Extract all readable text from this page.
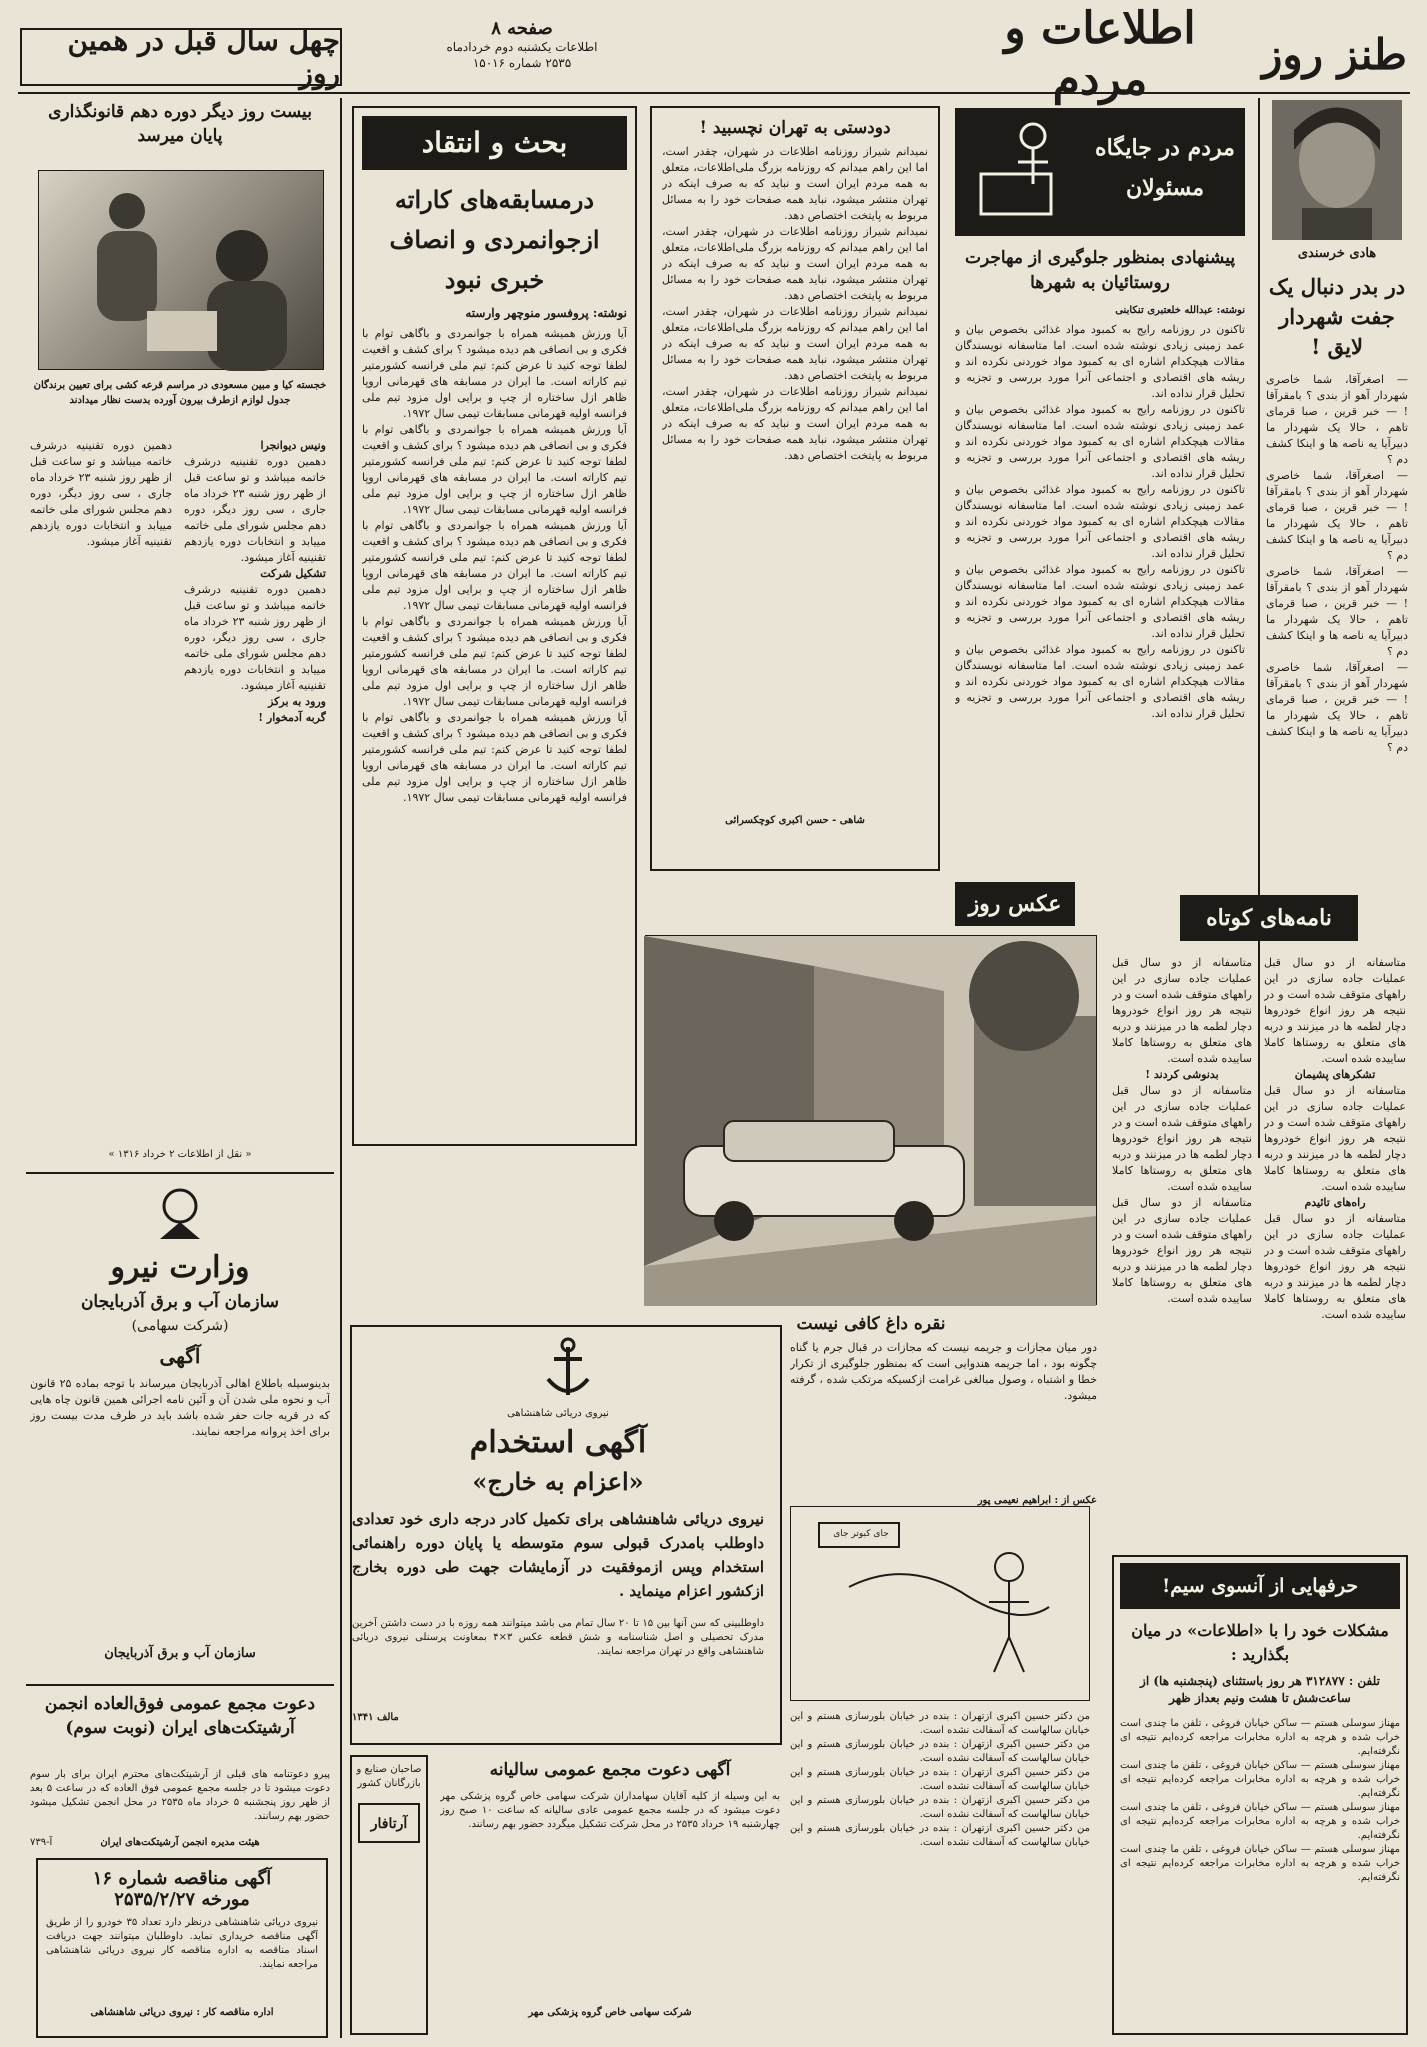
چهل سال قبل در همین روز
صفحه ۸
اطلاعات یکشنبه دوم خردادماه
۲۵۳۵ شماره ۱۵۰۱۶
اطلاعات و مردم	طنز روز
بیست روز دیگر دوره دهم قانونگذاری پایان میرسد
خجسته کیا و مبین مسعودی در مراسم قرعه کشی برای تعیین برندگان جدول لوازم ازطرف بیرون آورده بدست نظار میدادند

دهمین دوره تقنینیه درشرف خاتمه میباشد و تو ساعت قبل از ظهر روز شنبه ۲۳ خرداد ماه جاری ، سی روز دیگر، دوره دهم مجلس شورای ملی خاتمه مییابد و انتخابات دوره یازدهم تقنینیه آغاز میشود.

ونیس دیوانجرا

دهمین دوره تقنینیه درشرف خاتمه میباشد و تو ساعت قبل از ظهر روز شنبه ۲۳ خرداد ماه جاری ، سی روز دیگر، دوره دهم مجلس شورای ملی خاتمه مییابد و انتخابات دوره یازدهم تقنینیه آغاز میشود.

تشکیل شرکت

دهمین دوره تقنینیه درشرف خاتمه میباشد و تو ساعت قبل از ظهر روز شنبه ۲۳ خرداد ماه جاری ، سی روز دیگر، دوره دهم مجلس شورای ملی خاتمه مییابد و انتخابات دوره یازدهم تقنینیه آغاز میشود.

ورود به برکز

گربه آدمخوار !

« نقل از اطلاعات ۲ خرداد ۱۳۱۶ »
وزارت نیرو
سازمان آب و برق آذربایجان
(شرکت سهامی)
آگهی
بدینوسیله باطلاع اهالی آذربایجان میرساند با توجه بماده ۲۵ قانون آب و نحوه ملی شدن آن و آئین نامه اجرائی همین قانون چاه هایی که در قریه جات حفر شده باشد باید در ظرف مدت بیست روز برای اخذ پروانه مراجعه نمایند.
سازمان آب و برق آذربایجان
دعوت مجمع عمومی فوق‌العاده انجمن آرشیتکت‌های ایران (نوبت سوم)
پیرو دعوتنامه های قبلی از آرشیتکت‌های محترم ایران برای بار سوم دعوت میشود تا در جلسه مجمع عمومی فوق العاده که در ساعت ۵ بعد از ظهر روز پنجشنبه ۵ خرداد ماه ۲۵۳۵ در محل انجمن تشکیل میشود حضور بهم رسانند.
هیئت مدیره انجمن آرشیتکت‌های ایران
آ-۷۳۹
آگهی مناقصه شماره ۱۶
مورخه ۲۵۳۵/۲/۲۷
نیروی دریائی شاهنشاهی درنظر دارد تعداد ۳۵ خودرو را از طریق آگهی مناقصه خریداری نماید. داوطلبان میتوانند جهت دریافت اسناد مناقصه به اداره مناقصه کار نیروی دریائی شاهنشاهی مراجعه نمایند.
اداره مناقصه کار : نیروی دریائی شاهنشاهی
هادی خرسندی
در بدر دنبال یک جفت شهردار لایق !

— اصغرآقا، شما خاصری شهردار آهو از بندی ؟ بامقرآقا ! — خبر قرین ، صبا قرمای تاهم ، حالا یک شهردار ما دبیرآیا یه ناصه ها و اینکا کشف دم ؟

— اصغرآقا، شما خاصری شهردار آهو از بندی ؟ بامقرآقا ! — خبر قرین ، صبا قرمای تاهم ، حالا یک شهردار ما دبیرآیا یه ناصه ها و اینکا کشف دم ؟

— اصغرآقا، شما خاصری شهردار آهو از بندی ؟ بامقرآقا ! — خبر قرین ، صبا قرمای تاهم ، حالا یک شهردار ما دبیرآیا یه ناصه ها و اینکا کشف دم ؟

— اصغرآقا، شما خاصری شهردار آهو از بندی ؟ بامقرآقا ! — خبر قرین ، صبا قرمای تاهم ، حالا یک شهردار ما دبیرآیا یه ناصه ها و اینکا کشف دم ؟

مردم در جایگاه مسئولان
پیشنهادی بمنظور جلوگیری از مهاجرت روستائیان به شهرها
نوشته: عبدالله خلعتبری تنکابنی

تاکنون در روزنامه رایج به کمبود مواد غذائی بخصوص بیان و عمد زمینی زیادی نوشته شده است. اما متاسفانه نویسندگان مقالات هیچکدام اشاره ای به کمبود مواد خوردنی نکرده اند و ریشه های اقتصادی و اجتماعی آنرا مورد بررسی و تجزیه و تحلیل قرار نداده اند.

تاکنون در روزنامه رایج به کمبود مواد غذائی بخصوص بیان و عمد زمینی زیادی نوشته شده است. اما متاسفانه نویسندگان مقالات هیچکدام اشاره ای به کمبود مواد خوردنی نکرده اند و ریشه های اقتصادی و اجتماعی آنرا مورد بررسی و تجزیه و تحلیل قرار نداده اند.

تاکنون در روزنامه رایج به کمبود مواد غذائی بخصوص بیان و عمد زمینی زیادی نوشته شده است. اما متاسفانه نویسندگان مقالات هیچکدام اشاره ای به کمبود مواد خوردنی نکرده اند و ریشه های اقتصادی و اجتماعی آنرا مورد بررسی و تجزیه و تحلیل قرار نداده اند.

تاکنون در روزنامه رایج به کمبود مواد غذائی بخصوص بیان و عمد زمینی زیادی نوشته شده است. اما متاسفانه نویسندگان مقالات هیچکدام اشاره ای به کمبود مواد خوردنی نکرده اند و ریشه های اقتصادی و اجتماعی آنرا مورد بررسی و تجزیه و تحلیل قرار نداده اند.

تاکنون در روزنامه رایج به کمبود مواد غذائی بخصوص بیان و عمد زمینی زیادی نوشته شده است. اما متاسفانه نویسندگان مقالات هیچکدام اشاره ای به کمبود مواد خوردنی نکرده اند و ریشه های اقتصادی و اجتماعی آنرا مورد بررسی و تجزیه و تحلیل قرار نداده اند.

دودستی به تهران نچسبید !

نمیدانم شیراز روزنامه اطلاعات در شهران، چقدر است، اما این راهم میدانم که روزنامه بزرگ ملی‌اطلاعات، متعلق به همه مردم ایران است و نباید که به صرف اینکه در تهران منتشر میشود، نباید همه صفحات خود را به مسائل مربوط به پایتخت اختصاص دهد.

نمیدانم شیراز روزنامه اطلاعات در شهران، چقدر است، اما این راهم میدانم که روزنامه بزرگ ملی‌اطلاعات، متعلق به همه مردم ایران است و نباید که به صرف اینکه در تهران منتشر میشود، نباید همه صفحات خود را به مسائل مربوط به پایتخت اختصاص دهد.

نمیدانم شیراز روزنامه اطلاعات در شهران، چقدر است، اما این راهم میدانم که روزنامه بزرگ ملی‌اطلاعات، متعلق به همه مردم ایران است و نباید که به صرف اینکه در تهران منتشر میشود، نباید همه صفحات خود را به مسائل مربوط به پایتخت اختصاص دهد.

نمیدانم شیراز روزنامه اطلاعات در شهران، چقدر است، اما این راهم میدانم که روزنامه بزرگ ملی‌اطلاعات، متعلق به همه مردم ایران است و نباید که به صرف اینکه در تهران منتشر میشود، نباید همه صفحات خود را به مسائل مربوط به پایتخت اختصاص دهد.

شاهی - حسن اکبری کوچکسرائی
بحث و انتقاد
درمسابقه‌های کاراته ازجوانمردی و انصاف خبری نبود
نوشته: پروفسور منوچهر وارسته

آیا ورزش همیشه همراه با جوانمردی و باگاهی توام با فکری و بی انصافی هم دیده میشود ؟ برای کشف و اقعیت لطفا توجه کنید تا عرض کنم: تیم ملی فرانسه کشورمتیر تیم کاراته است. ما ایران در مسابقه های قهرمانی اروپا ظاهر ازل ساختاره از چپ و برایی اول مزود تیم ملی فرانسه اولیه قهرمانی مسابقات تیمی سال ۱۹۷۲.

آیا ورزش همیشه همراه با جوانمردی و باگاهی توام با فکری و بی انصافی هم دیده میشود ؟ برای کشف و اقعیت لطفا توجه کنید تا عرض کنم: تیم ملی فرانسه کشورمتیر تیم کاراته است. ما ایران در مسابقه های قهرمانی اروپا ظاهر ازل ساختاره از چپ و برایی اول مزود تیم ملی فرانسه اولیه قهرمانی مسابقات تیمی سال ۱۹۷۲.

آیا ورزش همیشه همراه با جوانمردی و باگاهی توام با فکری و بی انصافی هم دیده میشود ؟ برای کشف و اقعیت لطفا توجه کنید تا عرض کنم: تیم ملی فرانسه کشورمتیر تیم کاراته است. ما ایران در مسابقه های قهرمانی اروپا ظاهر ازل ساختاره از چپ و برایی اول مزود تیم ملی فرانسه اولیه قهرمانی مسابقات تیمی سال ۱۹۷۲.

آیا ورزش همیشه همراه با جوانمردی و باگاهی توام با فکری و بی انصافی هم دیده میشود ؟ برای کشف و اقعیت لطفا توجه کنید تا عرض کنم: تیم ملی فرانسه کشورمتیر تیم کاراته است. ما ایران در مسابقه های قهرمانی اروپا ظاهر ازل ساختاره از چپ و برایی اول مزود تیم ملی فرانسه اولیه قهرمانی مسابقات تیمی سال ۱۹۷۲.

آیا ورزش همیشه همراه با جوانمردی و باگاهی توام با فکری و بی انصافی هم دیده میشود ؟ برای کشف و اقعیت لطفا توجه کنید تا عرض کنم: تیم ملی فرانسه کشورمتیر تیم کاراته است. ما ایران در مسابقه های قهرمانی اروپا ظاهر ازل ساختاره از چپ و برایی اول مزود تیم ملی فرانسه اولیه قهرمانی مسابقات تیمی سال ۱۹۷۲.

عکس روز
نقره داغ کافی نیست
دور میان مجازات و جریمه نیست که مجازات در قبال جرم یا گناه چگونه بود ، اما جریمه هندوایی است که بمنظور جلوگیری از تکرار خطا و اشتباه ، وصول مبالغی غرامت ازکسیکه مرتکب شده ، گرفته میشود.
عکس از : ابراهیم نعیمی پور
نامه‌های کوتاه

متاسفانه از دو سال قبل عملیات جاده سازی در این راههای متوقف شده است و در نتیجه هر روز انواع خودروها دچار لطمه ها در میزنند و دربه های متعلق به روستاها کاملا ساییده شده است.

بدنوشی کردند !

متاسفانه از دو سال قبل عملیات جاده سازی در این راههای متوقف شده است و در نتیجه هر روز انواع خودروها دچار لطمه ها در میزنند و دربه های متعلق به روستاها کاملا ساییده شده است.

متاسفانه از دو سال قبل عملیات جاده سازی در این راههای متوقف شده است و در نتیجه هر روز انواع خودروها دچار لطمه ها در میزنند و دربه های متعلق به روستاها کاملا ساییده شده است.

متاسفانه از دو سال قبل عملیات جاده سازی در این راههای متوقف شده است و در نتیجه هر روز انواع خودروها دچار لطمه ها در میزنند و دربه های متعلق به روستاها کاملا ساییده شده است.

تشکرهای پشیمان

متاسفانه از دو سال قبل عملیات جاده سازی در این راههای متوقف شده است و در نتیجه هر روز انواع خودروها دچار لطمه ها در میزنند و دربه های متعلق به روستاها کاملا ساییده شده است.

راه‌های تائیدم

متاسفانه از دو سال قبل عملیات جاده سازی در این راههای متوقف شده است و در نتیجه هر روز انواع خودروها دچار لطمه ها در میزنند و دربه های متعلق به روستاها کاملا ساییده شده است.

نیروی دریائی شاهنشاهی
آگهی استخدام
«اعزام به خارج»
نیروی دریائی شاهنشاهی برای تکمیل کادر درجه داری خود تعدادی داوطلب بامدرک قبولی سوم متوسطه یا پایان دوره راهنمائی استخدام وپس ازموفقیت در آزمایشات جهت طی دوره بخارج ازکشور اعزام مینماید .
داوطلبینی که سن آنها بین ۱۵ تا ۲۰ سال تمام می باشد میتوانند همه روزه با در دست داشتن آخرین مدرک تحصیلی و اصل شناسنامه و شش قطعه عکس ۳×۴ بمعاونت پرسنلی نیروی دریائی شاهنشاهی واقع در تهران مراجعه نمایند.
مالف ۱۳۴۱
صاحبان صنایع و بازرگانان کشور
آرتافار
آگهی دعوت مجمع عمومی سالیانه
به این وسیله از کلیه آقایان سهامداران شرکت سهامی خاص گروه پزشکی مهر دعوت میشود که در جلسه مجمع عمومی عادی سالیانه که ساعت ۱۰ صبح روز چهارشنبه ۱۹ خرداد ۲۵۳۵ در محل شرکت تشکیل میگردد حضور بهم رسانند.
شرکت سهامی خاص گروه پزشکی مهر
جای کبوتر جای

من دکتر حسین اکبری ازتهران : بنده در خیابان بلورسازی هستم و این خیابان سالهاست که آسفالت نشده است.

من دکتر حسین اکبری ازتهران : بنده در خیابان بلورسازی هستم و این خیابان سالهاست که آسفالت نشده است.

من دکتر حسین اکبری ازتهران : بنده در خیابان بلورسازی هستم و این خیابان سالهاست که آسفالت نشده است.

من دکتر حسین اکبری ازتهران : بنده در خیابان بلورسازی هستم و این خیابان سالهاست که آسفالت نشده است.

من دکتر حسین اکبری ازتهران : بنده در خیابان بلورسازی هستم و این خیابان سالهاست که آسفالت نشده است.

حرفهایی از آنسوی سیم!
مشکلات خود را با «اطلاعات» در میان بگذارید :
تلفن : ۳۱۲۸۷۷ هر روز باستثنای (پنجشنبه ها) از ساعت‌شش تا هشت ونیم بعداز ظهر

مهناز سوسلی هستم — ساکن خیابان فروغی ، تلفن ما چندی است خراب شده و هرچه به اداره مخابرات مراجعه کرده‌ایم نتیجه ای نگرفته‌ایم.

مهناز سوسلی هستم — ساکن خیابان فروغی ، تلفن ما چندی است خراب شده و هرچه به اداره مخابرات مراجعه کرده‌ایم نتیجه ای نگرفته‌ایم.

مهناز سوسلی هستم — ساکن خیابان فروغی ، تلفن ما چندی است خراب شده و هرچه به اداره مخابرات مراجعه کرده‌ایم نتیجه ای نگرفته‌ایم.

مهناز سوسلی هستم — ساکن خیابان فروغی ، تلفن ما چندی است خراب شده و هرچه به اداره مخابرات مراجعه کرده‌ایم نتیجه ای نگرفته‌ایم.
